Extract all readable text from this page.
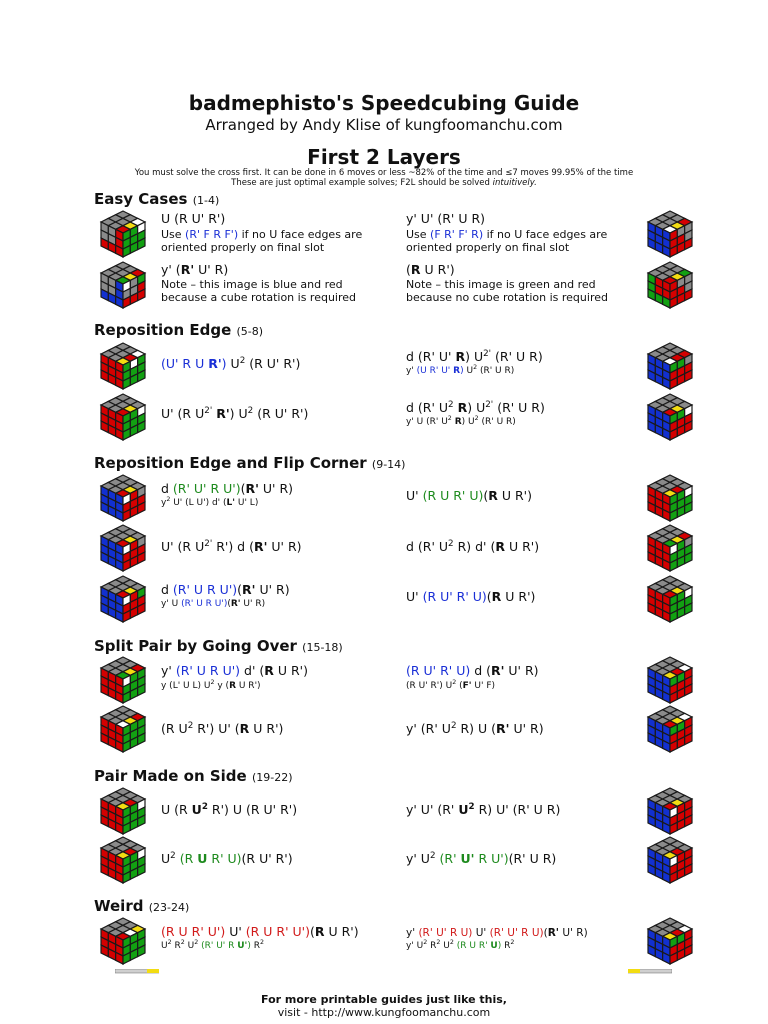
badmephisto's Speedcubing Guide
Arranged by Andy Klise of kungfoomanchu.com
First 2 Layers
You must solve the cross first. It can be done in 6 moves or less ~82% of the time and ≤7 moves 99.95% of the time
These are just optimal example solves; F2L should be solved intuitively.
Easy Cases (1-4)
Reposition Edge (5-8)
Reposition Edge and Flip Corner (9-14)
Split Pair by Going Over (15-18)
Pair Made on Side (19-22)
Weird (23-24)
U (R U' R')
Use (R' F R F') if no U face edges are
oriented properly on final slot
y' U' (R' U R)
Use (F R' F' R) if no U face edges are
oriented properly on final slot
y' (R' U' R)
Note – this image is blue and red
because a cube rotation is required
(R U R')
Note – this image is green and red
because no cube rotation is required
(U' R U R') $U^2$ (R U' R')	d (R' U' R) $U^{2'}$ (R' U R)
y' (U R' U' R) $U^2$ (R' U R)
U' (R $U^{2'}$ R') $U^2$ (R U' R')	d (R' $U^2$ R) $U^{2'}$ (R' U R)
y' U (R' $U^2$ R) $U^2$ (R' U R)
d (R' U' R U')(R' U' R)
$y^2$ U' (L U') d' (L' U' L)	U' (R U R' U)(R U R')
U' (R $U^{2'}$ R') d (R' U' R)	d (R' $U^2$ R) d' (R U R')
d (R' U R U')(R' U' R)
y' U (R' U R U')(R' U' R)	U' (R U' R' U)(R U R')
y' (R' U R U') d' (R U R')
y (L' U L) $U^2$ y (R U R')
(R U' R' U) d (R' U' R)
(R U' R') $U^2$ (F' U' F)
(R $U^2$ R') U' (R U R')	y' (R' $U^2$ R) U (R' U' R)
U (R $U^2$ R') U (R U' R')	y' U' (R' $U^2$ R) U' (R' U R)
$U^2$ (R U R' U)(R U' R')	y' $U^2$ (R' U' R U')(R' U R)
(R U R' U') U' (R U R' U')(R U R')
$U^2$ $R^2$ $U^2$ (R' U' R U') $R^2$
y' (R' U' R U) U' (R' U' R U)(R' U' R)
y' $U^2$ $R^2$ $U^2$ (R U R' U) $R^2$
For more printable guides just like this,
visit - http://www.kungfoomanchu.com
